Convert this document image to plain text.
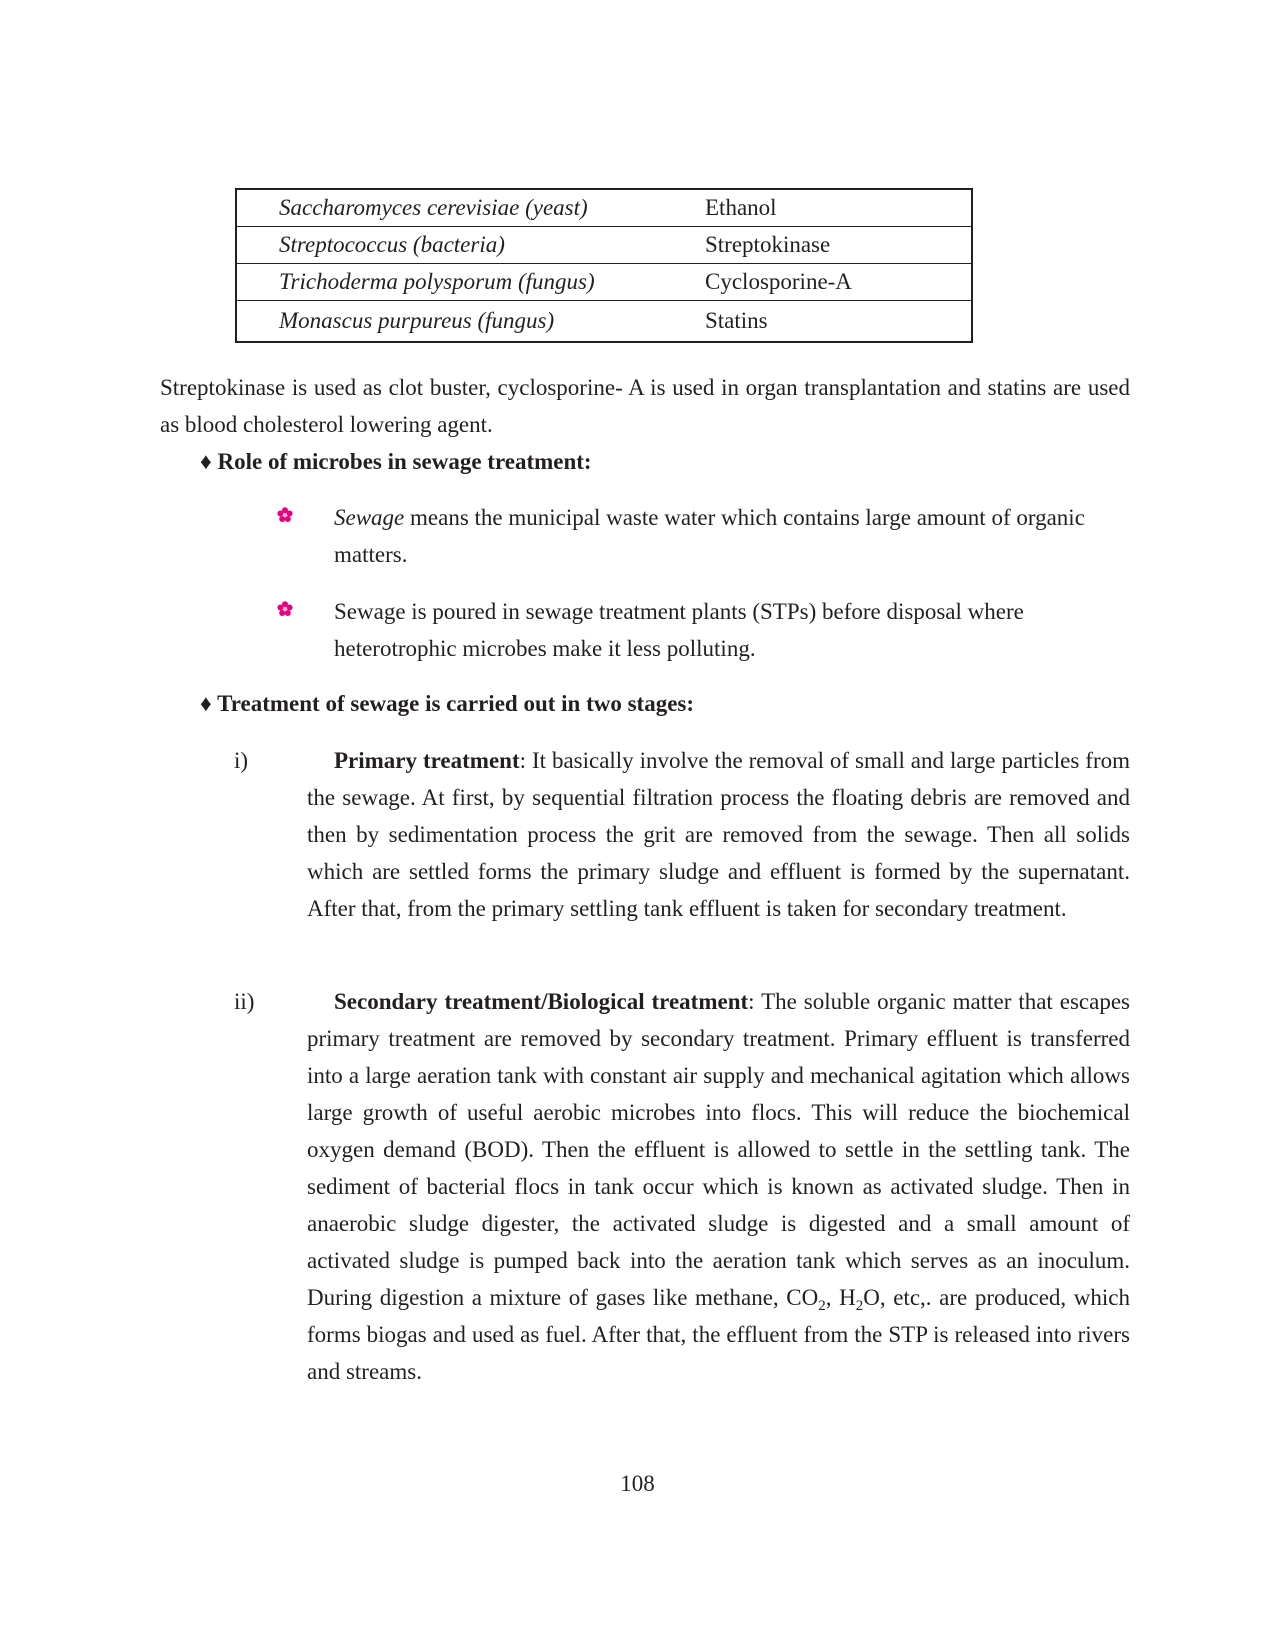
Saccharomyces cerevisiae (yeast)	Ethanol
Streptococcus (bacteria)	Streptokinase
Trichoderma polysporum (fungus)	Cyclosporine-A
Monascus purpureus (fungus)	Statins
Streptokinase is used as clot buster, cyclosporine- A is used in organ transplantation and statins are used as blood cholesterol lowering agent.
♦ Role of microbes in sewage treatment:
Sewage means the municipal waste water which contains large amount of organic matters.
Sewage is poured in sewage treatment plants (STPs) before disposal where heterotrophic microbes make it less polluting.
♦ Treatment of sewage is carried out in two stages:
i)	Primary treatment: It basically involve the removal of small and large particles from the sewage. At first, by sequential filtration process the floating debris are removed and then by sedimentation process the grit are removed from the sewage. Then all solids which are settled forms the primary sludge and effluent is formed by the supernatant. After that, from the primary settling tank effluent is taken for secondary treatment.
ii)	Secondary treatment/Biological treatment: The soluble organic matter that escapes primary treatment are removed by secondary treatment. Primary effluent is transferred into a large aeration tank with constant air supply and mechanical agitation which allows large growth of useful aerobic microbes into flocs. This will reduce the biochemical oxygen demand (BOD). Then the effluent is allowed to settle in the settling tank. The sediment of bacterial flocs in tank occur which is known as activated sludge. Then in anaerobic sludge digester, the activated sludge is digested and a small amount of activated sludge is pumped back into the aeration tank which serves as an inoculum. During digestion a mixture of gases like methane, $CO_2$, $H_2O$, etc,. are produced, which forms biogas and used as fuel. After that, the effluent from the STP is released into rivers and streams.
108
